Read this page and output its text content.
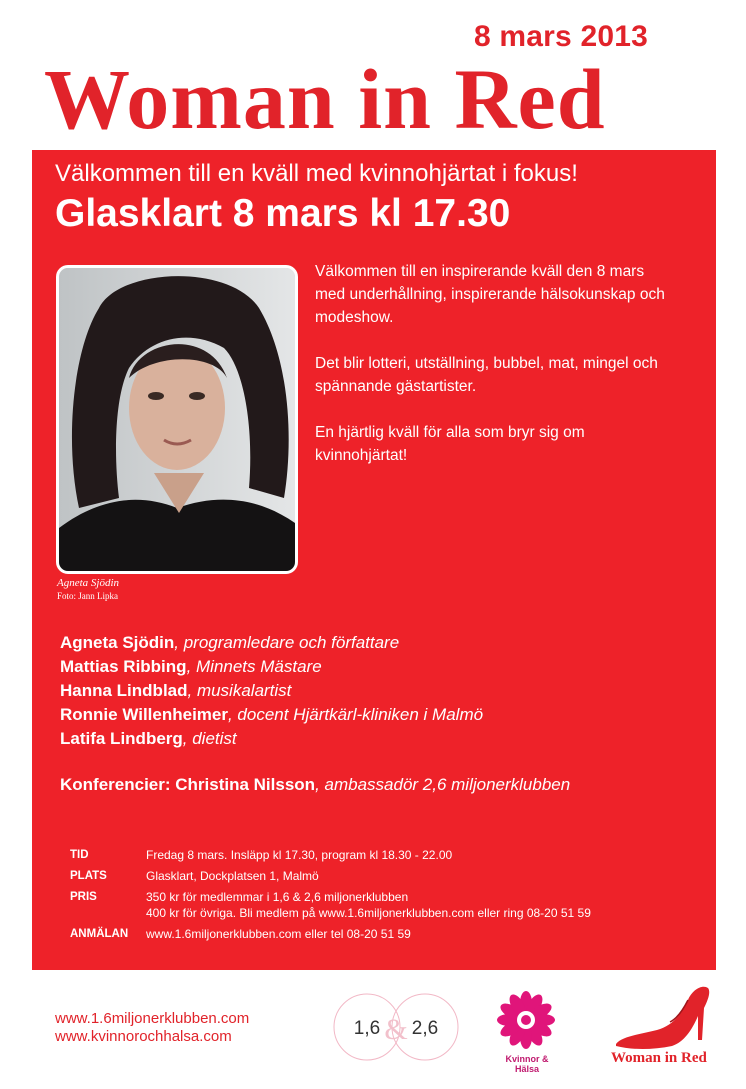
8 mars 2013
Woman in Red
Välkommen till en kväll med kvinnohjärtat i fokus!
Glasklart 8 mars kl 17.30
Agneta Sjödin
Foto: Jann Lipka

Välkommen till en inspirerande kväll den 8 mars med underhållning, inspirerande hälsokunskap och modeshow.

Det blir lotteri, utställning, bubbel, mat, mingel och spännande gästartister.

En hjärtlig kväll för alla som bryr sig om kvinnohjärtat!

Agneta Sjödin, programledare och författare
Mattias Ribbing, Minnets Mästare
Hanna Lindblad, musikalartist
Ronnie Willenheimer, docent Hjärtkärl-kliniken i Malmö
Latifa Lindberg, dietist
Konferencier: Christina Nilsson, ambassadör 2,6 miljonerklubben
TID	Fredag 8 mars. Insläpp kl 17.30, program kl 18.30 - 22.00
PLATS	Glasklart, Dockplatsen 1, Malmö
PRIS	350 kr för medlemmar i 1,6 & 2,6 miljonerklubben
400 kr för övriga. Bli medlem på www.1.6miljonerklubben.com eller ring 08-20 51 59
ANMÄLAN	www.1.6miljonerklubben.com eller tel 08-20 51 59
www.1.6miljonerklubben.com
www.kvinnorochhalsa.com	1,6 & 2,6
Kvinnor & Hälsa
Woman in Red
